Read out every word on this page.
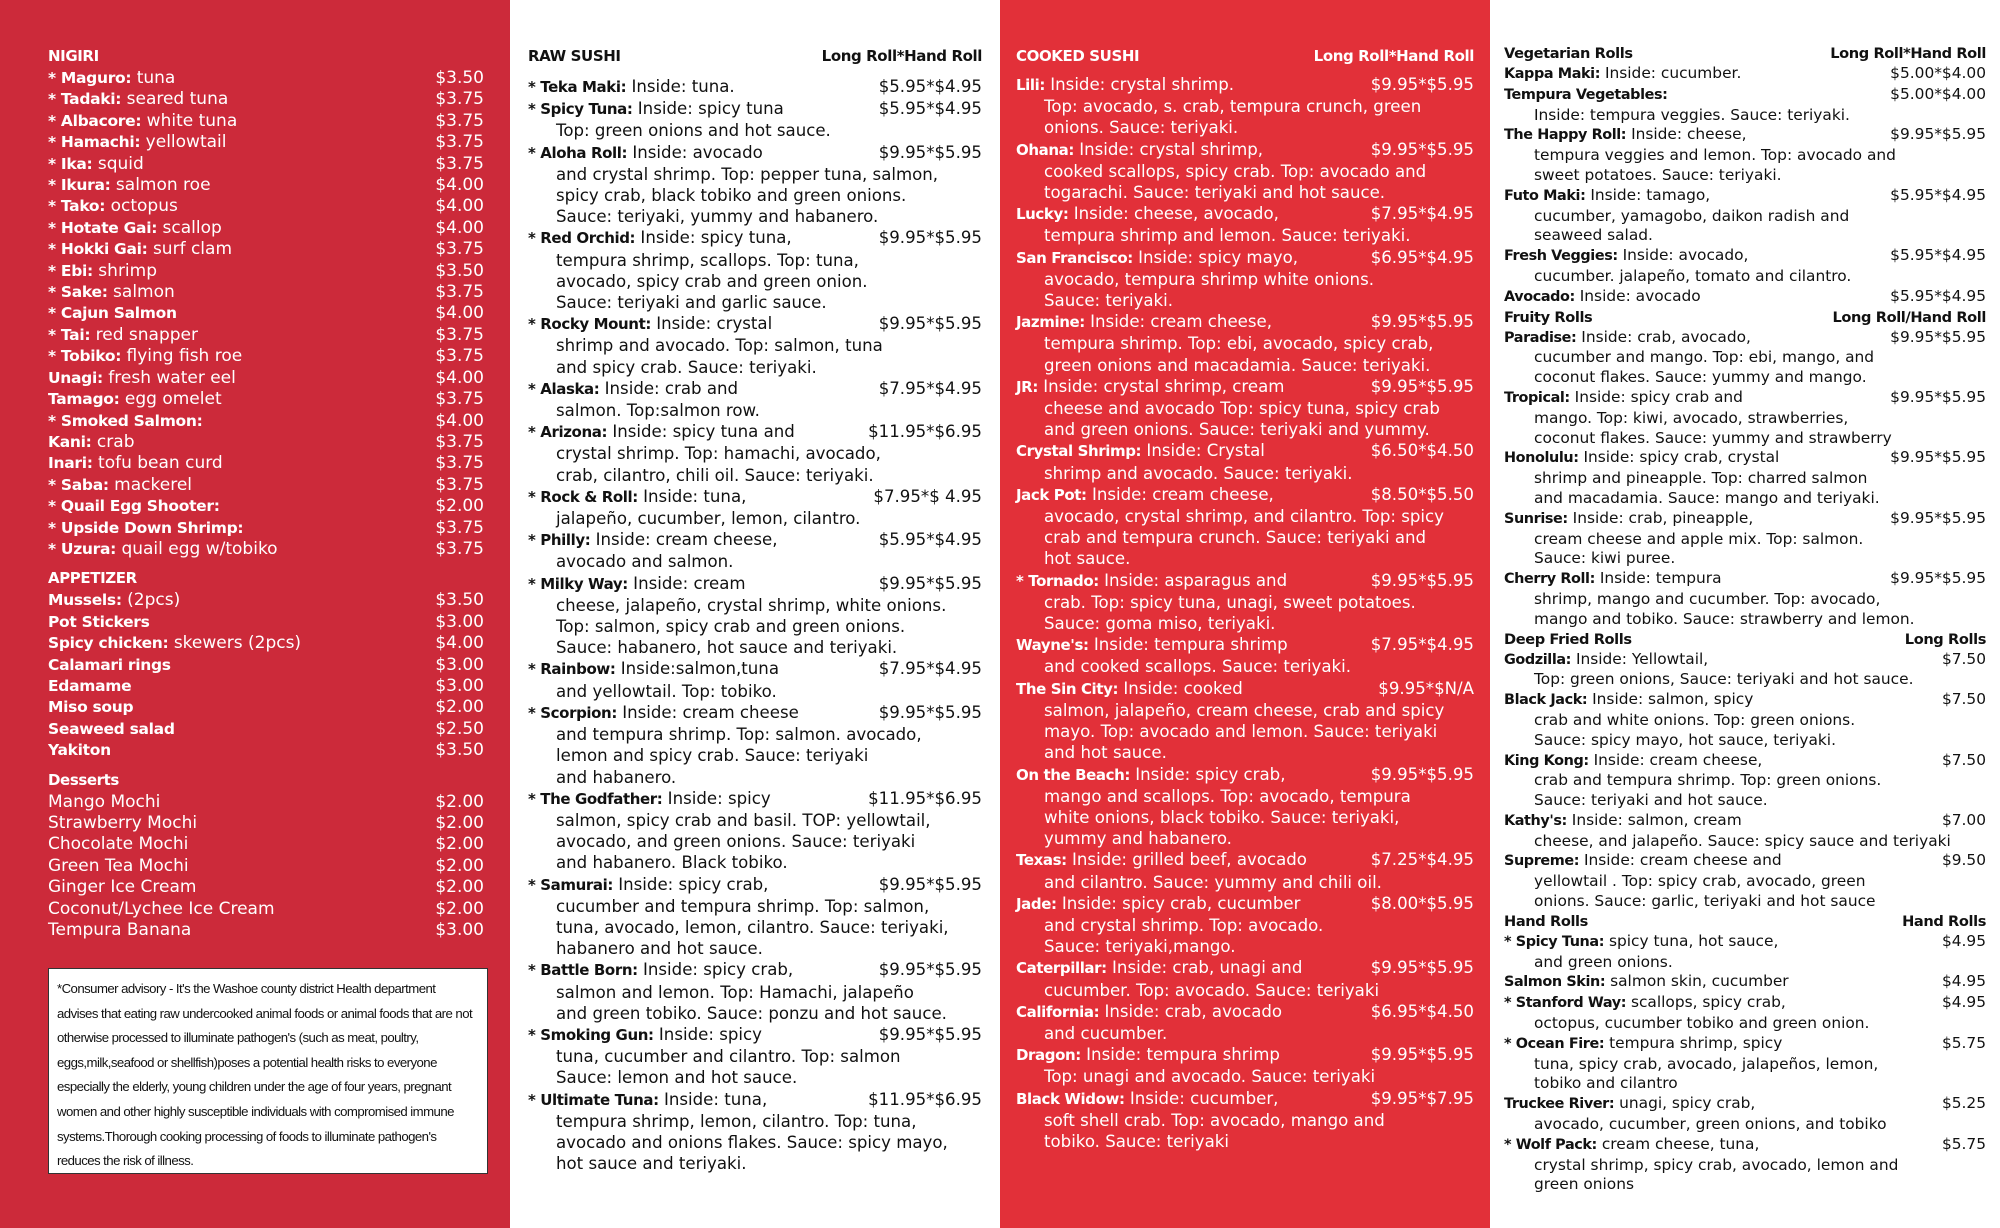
NIGIRI
* Maguro: tuna	$3.50
* Tadaki: seared tuna	$3.75
* Albacore: white tuna	$3.75
* Hamachi: yellowtail	$3.75
* Ika: squid	$3.75
* Ikura: salmon roe	$4.00
* Tako: octopus	$4.00
* Hotate Gai: scallop	$4.00
* Hokki Gai: surf clam	$3.75
* Ebi: shrimp	$3.50
* Sake: salmon	$3.75
* Cajun Salmon	$4.00
* Tai: red snapper	$3.75
* Tobiko: flying fish roe	$3.75
Unagi: fresh water eel	$4.00
Tamago: egg omelet	$3.75
* Smoked Salmon:	$4.00
Kani: crab	$3.75
Inari: tofu bean curd	$3.75
* Saba: mackerel	$3.75
* Quail Egg Shooter:	$2.00
* Upside Down Shrimp:	$3.75
* Uzura: quail egg w/tobiko	$3.75
APPETIZER
Mussels: (2pcs)	$3.50
Pot Stickers	$3.00
Spicy chicken: skewers (2pcs)	$4.00
Calamari rings	$3.00
Edamame	$3.00
Miso soup	$2.00
Seaweed salad	$2.50
Yakiton	$3.50
Desserts
Mango Mochi	$2.00
Strawberry Mochi	$2.00
Chocolate Mochi	$2.00
Green Tea Mochi	$2.00
Ginger Ice Cream	$2.00
Coconut/Lychee Ice Cream	$2.00
Tempura Banana	$3.00
*Consumer advisory - It's the Washoe county district Health department advises that eating raw undercooked animal foods or animal foods that are not otherwise processed to illuminate pathogen's (such as meat, poultry, eggs,milk,seafood or shellfish)poses a potential health risks to everyone especially the elderly, young children under the age of four years, pregnant women and other highly susceptible individuals with compromised immune systems.Thorough cooking processing of foods to illuminate pathogen's reduces the risk of illness.
RAW SUSHI	Long Roll*Hand Roll
* Teka Maki: Inside: tuna.	$5.95*$4.95
* Spicy Tuna: Inside: spicy tuna	$5.95*$4.95
Top: green onions and hot sauce.
* Aloha Roll: Inside: avocado	$9.95*$5.95
and crystal shrimp. Top: pepper tuna, salmon,
spicy crab, black tobiko and green onions.
Sauce: teriyaki, yummy and habanero.
* Red Orchid: Inside: spicy tuna,	$9.95*$5.95
tempura shrimp, scallops. Top: tuna,
avocado, spicy crab and green onion.
Sauce: teriyaki and garlic sauce.
* Rocky Mount: Inside: crystal	$9.95*$5.95
shrimp and avocado. Top: salmon, tuna
and spicy crab. Sauce: teriyaki.
* Alaska: Inside: crab and	$7.95*$4.95
salmon. Top:salmon row.
* Arizona: Inside: spicy tuna and	$11.95*$6.95
crystal shrimp. Top: hamachi, avocado,
crab, cilantro, chili oil. Sauce: teriyaki.
* Rock & Roll: Inside: tuna,	$7.95*$ 4.95
jalapeño, cucumber, lemon, cilantro.
* Philly: Inside: cream cheese,	$5.95*$4.95
avocado and salmon.
* Milky Way: Inside: cream	$9.95*$5.95
cheese, jalapeño, crystal shrimp, white onions.
Top: salmon, spicy crab and green onions.
Sauce: habanero, hot sauce and teriyaki.
* Rainbow: Inside:salmon,tuna	$7.95*$4.95
and yellowtail. Top: tobiko.
* Scorpion: Inside: cream cheese	$9.95*$5.95
and tempura shrimp. Top: salmon. avocado,
lemon and spicy crab. Sauce: teriyaki
and habanero.
* The Godfather: Inside: spicy	$11.95*$6.95
salmon, spicy crab and basil. TOP: yellowtail,
avocado, and green onions. Sauce: teriyaki
and habanero. Black tobiko.
* Samurai: Inside: spicy crab,	$9.95*$5.95
cucumber and tempura shrimp. Top: salmon,
tuna, avocado, lemon, cilantro. Sauce: teriyaki,
habanero and hot sauce.
* Battle Born: Inside: spicy crab,	$9.95*$5.95
salmon and lemon. Top: Hamachi, jalapeño
and green tobiko. Sauce: ponzu and hot sauce.
* Smoking Gun: Inside: spicy	$9.95*$5.95
tuna, cucumber and cilantro. Top: salmon
Sauce: lemon and hot sauce.
* Ultimate Tuna: Inside: tuna,	$11.95*$6.95
tempura shrimp, lemon, cilantro. Top: tuna,
avocado and onions flakes. Sauce: spicy mayo,
hot sauce and teriyaki.
COOKED SUSHI	Long Roll*Hand Roll
Lili: Inside: crystal shrimp.	$9.95*$5.95
Top: avocado, s. crab, tempura crunch, green
onions. Sauce: teriyaki.
Ohana: Inside: crystal shrimp,	$9.95*$5.95
cooked scallops, spicy crab. Top: avocado and
togarachi. Sauce: teriyaki and hot sauce.
Lucky: Inside: cheese, avocado,	$7.95*$4.95
tempura shrimp and lemon. Sauce: teriyaki.
San Francisco: Inside: spicy mayo,	$6.95*$4.95
avocado, tempura shrimp white onions.
Sauce: teriyaki.
Jazmine: Inside: cream cheese,	$9.95*$5.95
tempura shrimp. Top: ebi, avocado, spicy crab,
green onions and macadamia. Sauce: teriyaki.
JR: Inside: crystal shrimp, cream	$9.95*$5.95
cheese and avocado Top: spicy tuna, spicy crab
and green onions. Sauce: teriyaki and yummy.
Crystal Shrimp: Inside: Crystal	$6.50*$4.50
shrimp and avocado. Sauce: teriyaki.
Jack Pot: Inside: cream cheese,	$8.50*$5.50
avocado, crystal shrimp, and cilantro. Top: spicy
crab and tempura crunch. Sauce: teriyaki and
hot sauce.
* Tornado: Inside: asparagus and	$9.95*$5.95
crab. Top: spicy tuna, unagi, sweet potatoes.
Sauce: goma miso, teriyaki.
Wayne's: Inside: tempura shrimp	$7.95*$4.95
and cooked scallops. Sauce: teriyaki.
The Sin City: Inside: cooked	$9.95*$N/A
salmon, jalapeño, cream cheese, crab and spicy
mayo. Top: avocado and lemon. Sauce: teriyaki
and hot sauce.
On the Beach: Inside: spicy crab,	$9.95*$5.95
mango and scallops. Top: avocado, tempura
white onions, black tobiko. Sauce: teriyaki,
yummy and habanero.
Texas: Inside: grilled beef, avocado	$7.25*$4.95
and cilantro. Sauce: yummy and chili oil.
Jade: Inside: spicy crab, cucumber	$8.00*$5.95
and crystal shrimp. Top: avocado.
Sauce: teriyaki,mango.
Caterpillar: Inside: crab, unagi and	$9.95*$5.95
cucumber. Top: avocado. Sauce: teriyaki
California: Inside: crab, avocado	$6.95*$4.50
and cucumber.
Dragon: Inside: tempura shrimp	$9.95*$5.95
Top: unagi and avocado. Sauce: teriyaki
Black Widow: Inside: cucumber,	$9.95*$7.95
soft shell crab. Top: avocado, mango and
tobiko. Sauce: teriyaki
Vegetarian Rolls	Long Roll*Hand Roll
Kappa Maki: Inside: cucumber.	$5.00*$4.00
Tempura Vegetables:	$5.00*$4.00
Inside: tempura veggies. Sauce: teriyaki.
The Happy Roll: Inside: cheese,	$9.95*$5.95
tempura veggies and lemon. Top: avocado and
sweet potatoes. Sauce: teriyaki.
Futo Maki: Inside: tamago,	$5.95*$4.95
cucumber, yamagobo, daikon radish and
seaweed salad.
Fresh Veggies: Inside: avocado,	$5.95*$4.95
cucumber. jalapeño, tomato and cilantro.
Avocado: Inside: avocado	$5.95*$4.95
Fruity Rolls	Long Roll/Hand Roll
Paradise: Inside: crab, avocado,	$9.95*$5.95
cucumber and mango. Top: ebi, mango, and
coconut flakes. Sauce: yummy and mango.
Tropical: Inside: spicy crab and	$9.95*$5.95
mango. Top: kiwi, avocado, strawberries,
coconut flakes. Sauce: yummy and strawberry
Honolulu: Inside: spicy crab, crystal	$9.95*$5.95
shrimp and pineapple. Top: charred salmon
and macadamia. Sauce: mango and teriyaki.
Sunrise: Inside: crab, pineapple,	$9.95*$5.95
cream cheese and apple mix. Top: salmon.
Sauce: kiwi puree.
Cherry Roll: Inside: tempura	$9.95*$5.95
shrimp, mango and cucumber. Top: avocado,
mango and tobiko. Sauce: strawberry and lemon.
Deep Fried Rolls	Long Rolls
Godzilla: Inside: Yellowtail,	$7.50
Top: green onions, Sauce: teriyaki and hot sauce.
Black Jack: Inside: salmon, spicy	$7.50
crab and white onions. Top: green onions.
Sauce: spicy mayo, hot sauce, teriyaki.
King Kong: Inside: cream cheese,	$7.50
crab and tempura shrimp. Top: green onions.
Sauce: teriyaki and hot sauce.
Kathy's: Inside: salmon, cream	$7.00
cheese, and jalapeño. Sauce: spicy sauce and teriyaki
Supreme: Inside: cream cheese and	$9.50
yellowtail . Top: spicy crab, avocado, green
onions. Sauce: garlic, teriyaki and hot sauce
Hand Rolls	Hand Rolls
* Spicy Tuna: spicy tuna, hot sauce,	$4.95
and green onions.
Salmon Skin: salmon skin, cucumber	$4.95
* Stanford Way: scallops, spicy crab,	$4.95
octopus, cucumber tobiko and green onion.
* Ocean Fire: tempura shrimp, spicy	$5.75
tuna, spicy crab, avocado, jalapeños, lemon,
tobiko and cilantro
Truckee River: unagi, spicy crab,	$5.25
avocado, cucumber, green onions, and tobiko
* Wolf Pack: cream cheese, tuna,	$5.75
crystal shrimp, spicy crab, avocado, lemon and
green onions
